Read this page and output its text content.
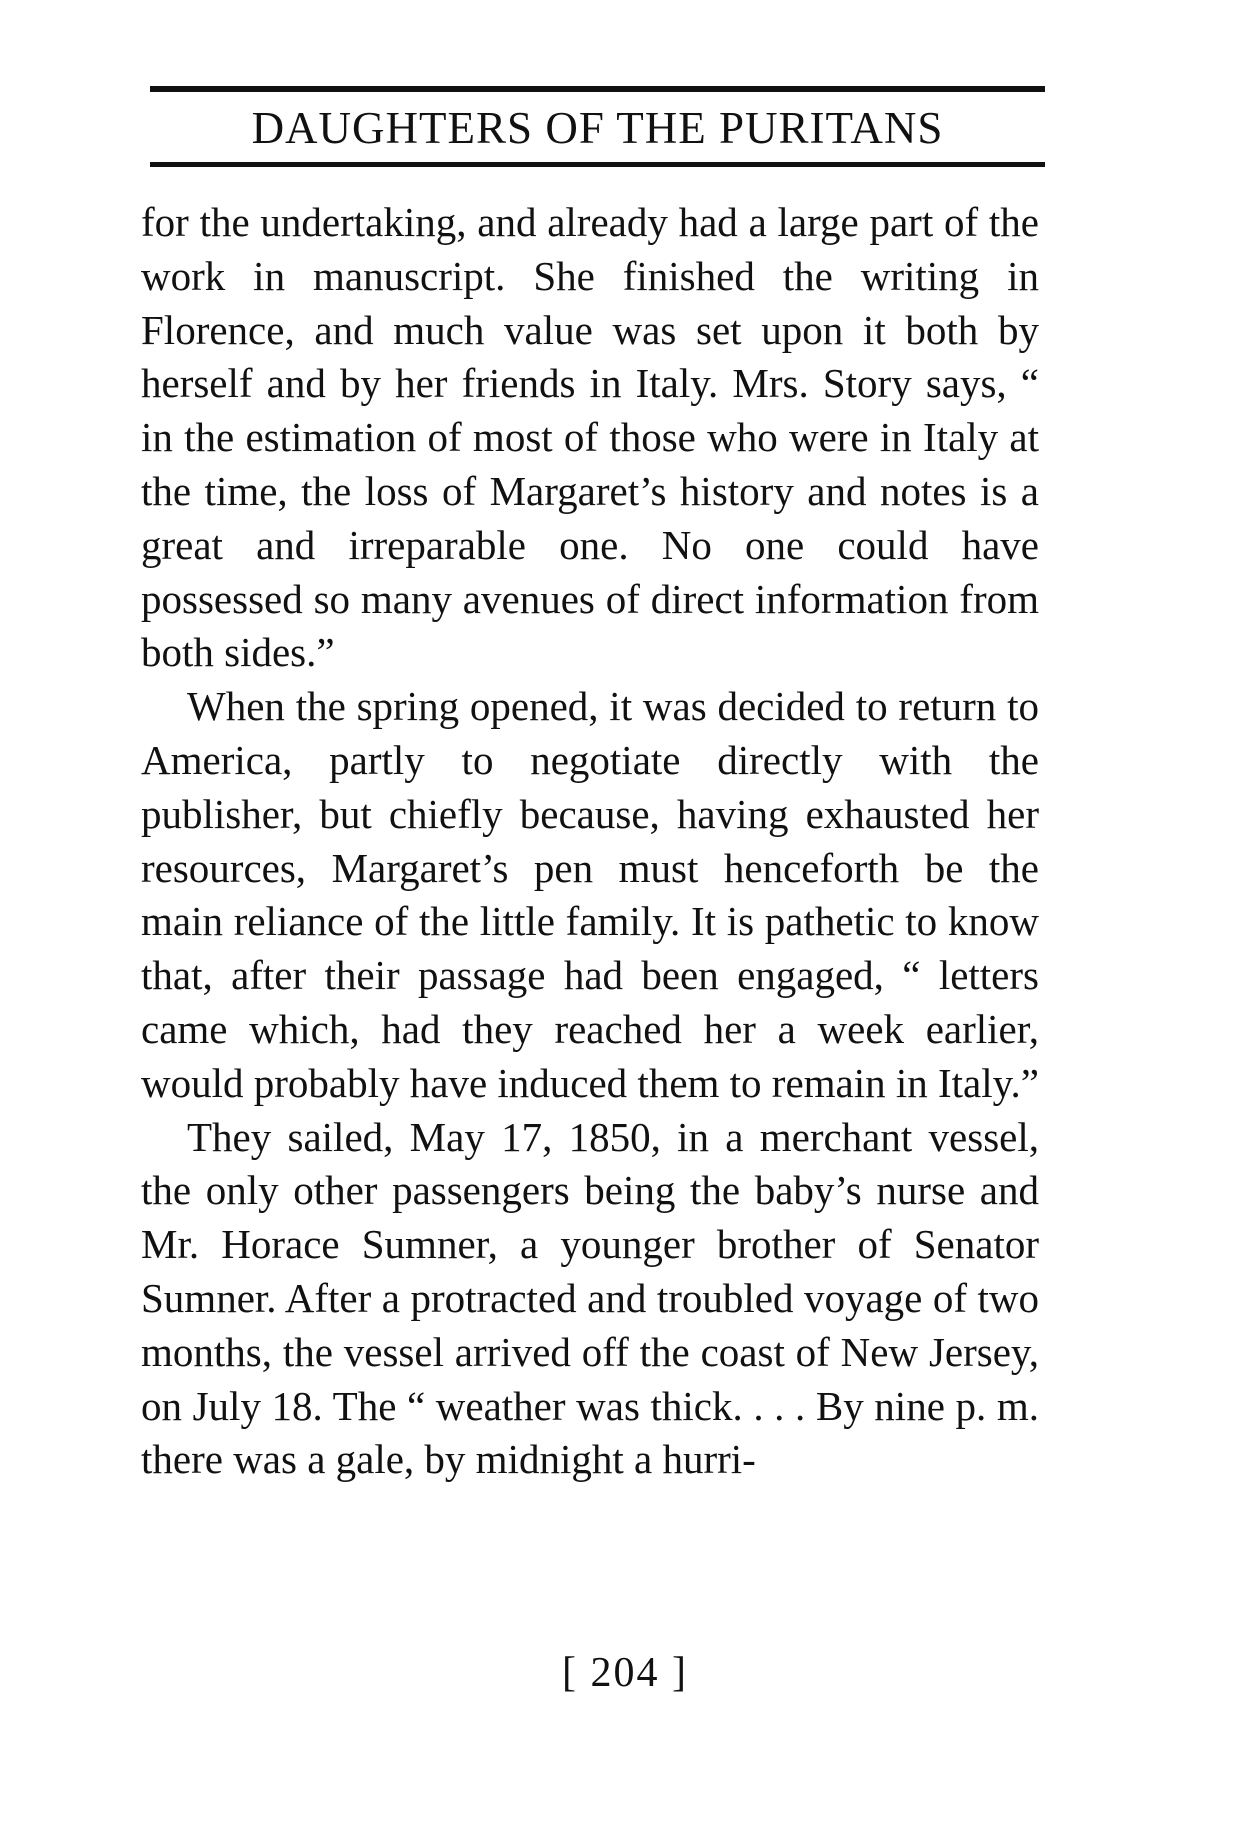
DAUGHTERS OF THE PURITANS

for the undertaking, and already had a large part of the work in manuscript. She finished the writing in Florence, and much value was set upon it both by herself and by her friends in Italy. Mrs. Story says, “ in the estimation of most of those who were in Italy at the time, the loss of Margaret’s history and notes is a great and irreparable one. No one could have possessed so many avenues of direct information from both sides.”

When the spring opened, it was decided to return to America, partly to negotiate directly with the publisher, but chiefly because, having exhausted her resources, Margaret’s pen must henceforth be the main reliance of the little family. It is pathetic to know that, after their passage had been engaged, “ letters came which, had they reached her a week earlier, would probably have induced them to remain in Italy.”

They sailed, May 17, 1850, in a merchant vessel, the only other passengers being the baby’s nurse and Mr. Horace Sumner, a younger brother of Senator Sumner. After a protracted and troubled voyage of two months, the vessel arrived off the coast of New Jersey, on July 18. The “ weather was thick. . . . By nine p. m. there was a gale, by midnight a hurri-

[ 204 ]
